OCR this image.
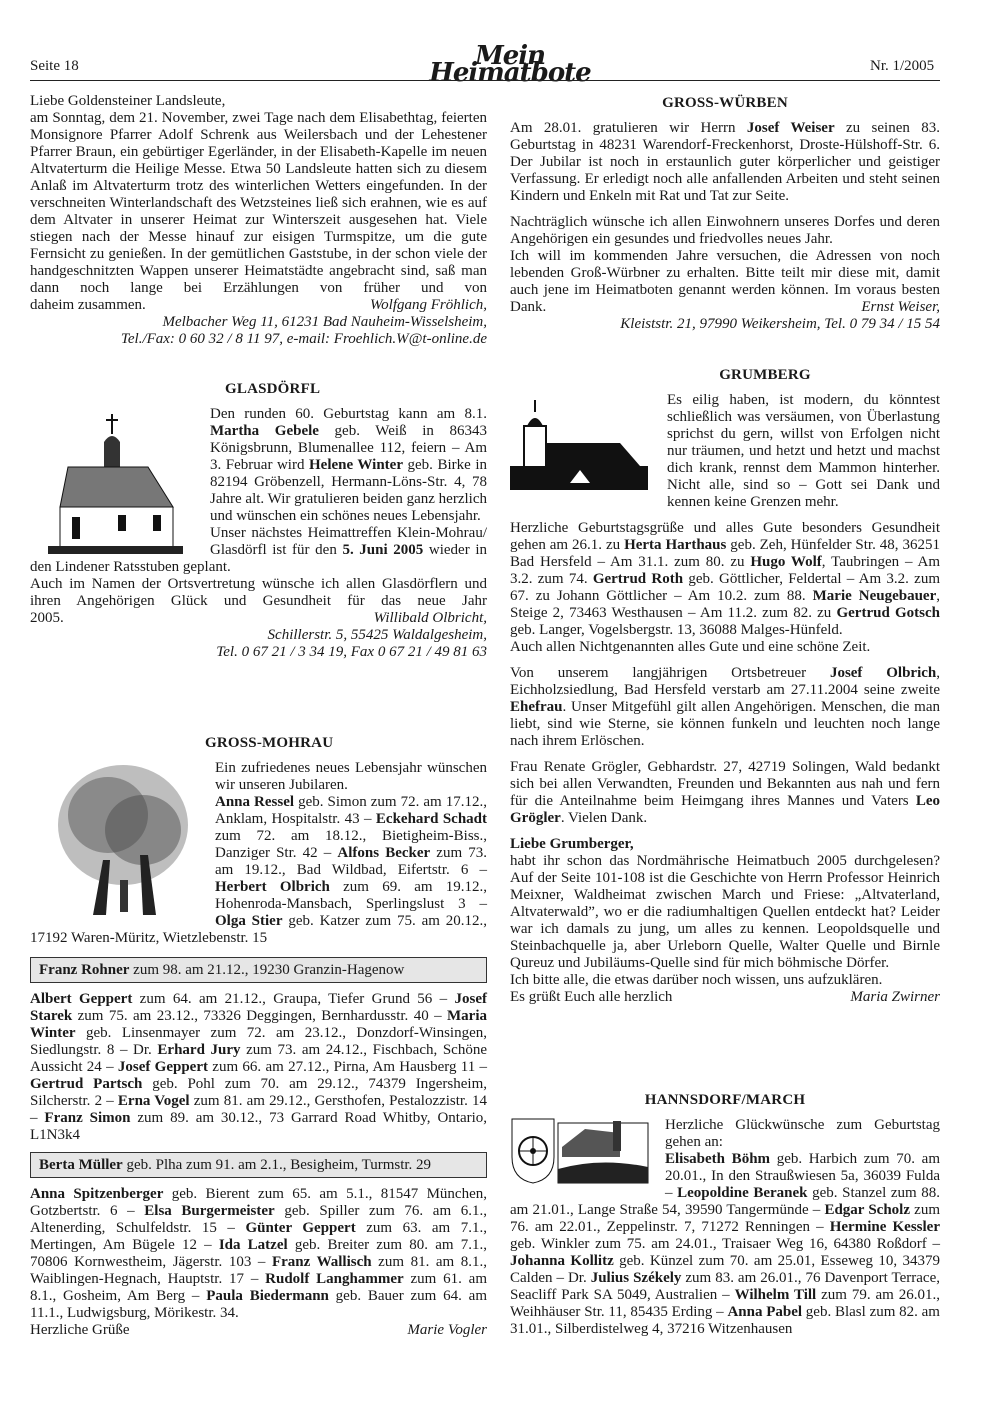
Seite 18	Mein Heimatbote	Nr. 1/2005

Liebe Goldensteiner Landsleute,

am Sonntag, dem 21. November, zwei Tage nach dem Elisabethtag, feierten Monsignore Pfarrer Adolf Schrenk aus Weilersbach und der Lehestener Pfarrer Braun, ein gebürtiger Egerländer, in der Elisabeth-Kapelle im neuen Altvaterturm die Heilige Messe. Etwa 50 Landsleute hatten sich zu diesem Anlaß im Altvaterturm trotz des winterlichen Wetters eingefunden. In der verschneiten Winterlandschaft des Wetzsteines ließ sich erahnen, wie es auf dem Altvater in unserer Heimat zur Winterszeit ausgesehen hat. Viele stiegen nach der Messe hinauf zur eisigen Turmspitze, um die gute Fernsicht zu genießen. In der gemütlichen Gaststube, in der schon viele der handgeschnitzten Wappen unserer Heimatstädte angebracht sind, saß man dann noch lange bei Erzählungen von früher und von

daheim zusammen.	Wolfgang Fröhlich,
Melbacher Weg 11, 61231 Bad Nauheim-Wisselsheim,
Tel./Fax: 0 60 32 / 8 11 97, e-mail: Froehlich.W@t-online.de
GLASDÖRFL

Den runden 60. Geburtstag kann am 8.1. Martha Gebele geb. Weiß in 86343 Königsbrunn, Blumenallee 112, feiern – Am 3. Februar wird Helene Winter geb. Birke in 82194 Gröbenzell, Hermann-Löns-Str. 4, 78 Jahre alt. Wir gratulieren beiden ganz herzlich und wünschen ein schönes neues Lebensjahr.

Unser nächstes Heimattreffen Klein-Mohrau/ Glasdörfl ist für den 5. Juni 2005 wieder in den Lindener Ratsstuben geplant.

Auch im Namen der Ortsvertretung wünsche ich allen Glasdörflern und ihren Angehörigen Glück und Gesundheit für das neue Jahr

2005.	Willibald Olbricht,
Schillerstr. 5, 55425 Waldalgesheim,
Tel. 0 67 21 / 3 34 19, Fax 0 67 21 / 49 81 63
GROSS-MOHRAU

Ein zufriedenes neues Lebensjahr wünschen wir unseren Jubilaren.

Anna Ressel geb. Simon zum 72. am 17.12., Anklam, Hospitalstr. 43 – Eckehard Schadt zum 72. am 18.12., Bietigheim-Biss., Danziger Str. 42 – Alfons Becker zum 73. am 19.12., Bad Wildbad, Eifertstr. 6 – Herbert Olbrich zum 69. am 19.12., Hohenroda-Mansbach, Sperlingslust 3 – Olga Stier geb. Katzer zum 75. am 20.12., 17192 Waren-Müritz, Wietzlebenstr. 15

Franz Rohner zum 98. am 21.12., 19230 Granzin-Hagenow

Albert Geppert zum 64. am 21.12., Graupa, Tiefer Grund 56 – Josef Starek zum 75. am 23.12., 73326 Deggingen, Bernhardusstr. 40 – Maria Winter geb. Linsenmayer zum 72. am 23.12., Donzdorf-Winsingen, Siedlungstr. 8 – Dr. Erhard Jury zum 73. am 24.12., Fischbach, Schöne Aussicht 24 – Josef Geppert zum 66. am 27.12., Pirna, Am Hausberg 11 – Gertrud Partsch geb. Pohl zum 70. am 29.12., 74379 Ingersheim, Silcherstr. 2 – Erna Vogel zum 81. am 29.12., Gersthofen, Pestalozzistr. 14 – Franz Simon zum 89. am 30.12., 73 Garrard Road Whitby, Ontario, L1N3k4

Berta Müller geb. Plha zum 91. am 2.1., Besigheim, Turmstr. 29

Anna Spitzenberger geb. Bierent zum 65. am 5.1., 81547 München, Gotzbertstr. 6 – Elsa Burgermeister geb. Spiller zum 76. am 6.1., Altenerding, Schulfeldstr. 15 – Günter Geppert zum 63. am 7.1., Mertingen, Am Bügele 12 – Ida Latzel geb. Breiter zum 80. am 7.1., 70806 Kornwestheim, Jägerstr. 103 – Franz Wallisch zum 81. am 8.1., Waiblingen-Hegnach, Hauptstr. 17 – Rudolf Langhammer zum 61. am 8.1., Gosheim, Am Berg – Paula Biedermann geb. Bauer zum 64. am 11.1., Ludwigsburg, Mörikestr. 34.

Herzliche Grüße	Marie Vogler
GROSS-WÜRBEN

Am 28.01. gratulieren wir Herrn Josef Weiser zu seinen 83. Geburtstag in 48231 Warendorf-Freckenhorst, Droste-Hülshoff-Str. 6. Der Jubilar ist noch in erstaunlich guter körperlicher und geistiger Verfassung. Er erledigt noch alle anfallenden Arbeiten und steht seinen Kindern und Enkeln mit Rat und Tat zur Seite.

Nachträglich wünsche ich allen Einwohnern unseres Dorfes und deren Angehörigen ein gesundes und friedvolles neues Jahr.

Ich will im kommenden Jahre versuchen, die Adressen von noch lebenden Groß-Würbner zu erhalten. Bitte teilt mir diese mit, damit auch jene im Heimatboten genannt werden können. Im voraus besten

Dank.	Ernst Weiser,
Kleiststr. 21, 97990 Weikersheim, Tel. 0 79 34 / 15 54
GRUMBERG

Es eilig haben, ist modern, du könntest schließlich was versäumen, von Überlastung sprichst du gern, willst von Erfolgen nicht nur träumen, und hetzt und hetzt und machst dich krank, rennst dem Mammon hinterher. Nicht alle, sind so – Gott sei Dank und kennen keine Grenzen mehr.

Herzliche Geburtstagsgrüße und alles Gute besonders Gesundheit gehen am 26.1. zu Herta Harthaus geb. Zeh, Hünfelder Str. 48, 36251 Bad Hersfeld – Am 31.1. zum 80. zu Hugo Wolf, Taubringen – Am 3.2. zum 74. Gertrud Roth geb. Göttlicher, Feldertal – Am 3.2. zum 67. zu Johann Göttlicher – Am 10.2. zum 88. Marie Neugebauer, Steige 2, 73463 Westhausen – Am 11.2. zum 82. zu Gertrud Gotsch geb. Langer, Vogelsbergstr. 13, 36088 Malges-Hünfeld.

Auch allen Nichtgenannten alles Gute und eine schöne Zeit.

Von unserem langjährigen Ortsbetreuer Josef Olbrich, Eichholzsiedlung, Bad Hersfeld verstarb am 27.11.2004 seine zweite Ehefrau. Unser Mitgefühl gilt allen Angehörigen. Menschen, die man liebt, sind wie Sterne, sie können funkeln und leuchten noch lange nach ihrem Erlöschen.

Frau Renate Grögler, Gebhardstr. 27, 42719 Solingen, Wald bedankt sich bei allen Verwandten, Freunden und Bekannten aus nah und fern für die Anteilnahme beim Heimgang ihres Mannes und Vaters Leo Grögler. Vielen Dank.

Liebe Grumberger,

habt ihr schon das Nordmährische Heimatbuch 2005 durchgelesen? Auf der Seite 101-108 ist die Geschichte von Herrn Professor Heinrich Meixner, Waldheimat zwischen March und Friese: „Altvaterland, Altvaterwald”, wo er die radiumhaltigen Quellen entdeckt hat? Leider war ich damals zu jung, um alles zu kennen. Leopoldsquelle und Steinbachquelle ja, aber Urleborn Quelle, Walter Quelle und Birnle Qureuz und Jubiläums-Quelle sind für mich böhmische Dörfer.

Ich bitte alle, die etwas darüber noch wissen, uns aufzuklären.

Es grüßt Euch alle herzlich	Maria Zwirner
HANNSDORF/MARCH

Herzliche Glückwünsche zum Geburtstag gehen an:

Elisabeth Böhm geb. Harbich zum 70. am 20.01., In den Straußwiesen 5a, 36039 Fulda – Leopoldine Beranek geb. Stanzel zum 88. am 21.01., Lange Straße 54, 39590 Tangermünde – Edgar Scholz zum 76. am 22.01., Zeppelinstr. 7, 71272 Renningen – Hermine Kessler geb. Winkler zum 75. am 24.01., Traisaer Weg 16, 64380 Roßdorf – Johanna Kollitz geb. Künzel zum 70. am 25.01, Esseweg 10, 34379 Calden – Dr. Julius Székely zum 83. am 26.01., 76 Davenport Terrace, Seacliff Park SA 5049, Australien – Wilhelm Till zum 79. am 26.01., Weihhäuser Str. 11, 85435 Erding – Anna Pabel geb. Blasl zum 82. am 31.01., Silberdistelweg 4, 37216 Witzenhausen
